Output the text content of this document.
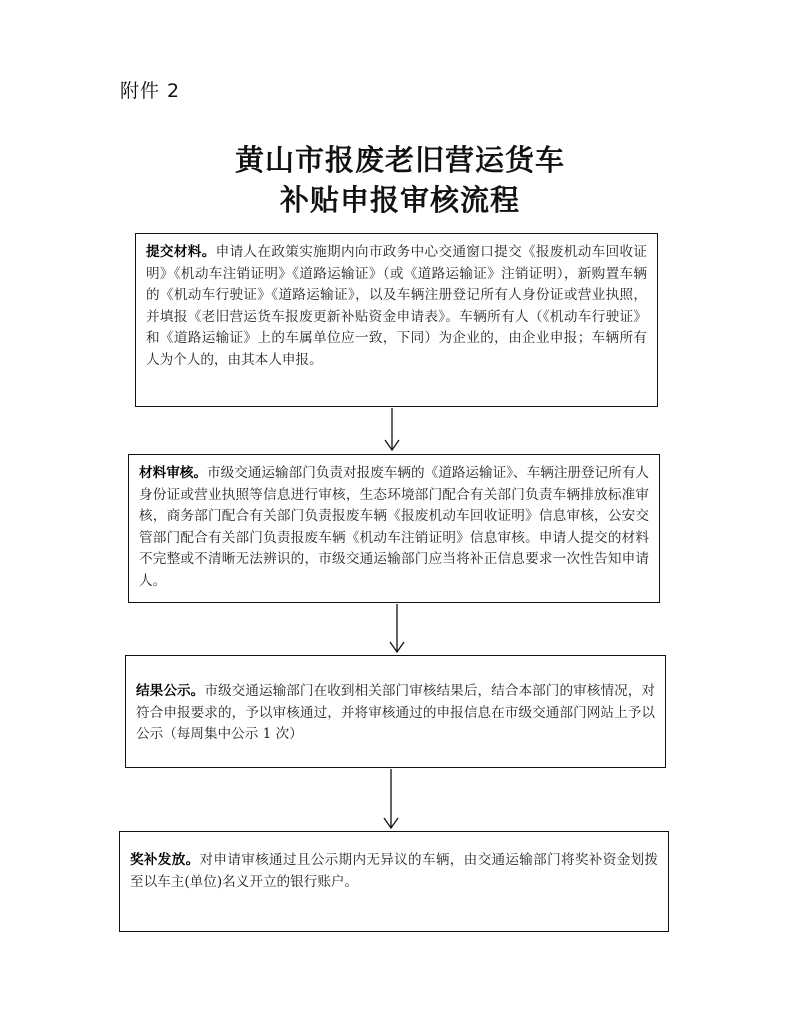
附件 2
黄山市报废老旧营运货车
补贴申报审核流程
提交材料。申请人在政策实施期内向市政务中心交通窗口提交《报废机动车回收证明》《机动车注销证明》《道路运输证》（或《道路运输证》注销证明），新购置车辆的《机动车行驶证》《道路运输证》，以及车辆注册登记所有人身份证或营业执照，并填报《老旧营运货车报废更新补贴资金申请表》。车辆所有人（《机动车行驶证》和《道路运输证》上的车属单位应一致，下同）为企业的，由企业申报；车辆所有人为个人的，由其本人申报。
材料审核。市级交通运输部门负责对报废车辆的《道路运输证》、车辆注册登记所有人身份证或营业执照等信息进行审核，生态环境部门配合有关部门负责车辆排放标准审核，商务部门配合有关部门负责报废车辆《报废机动车回收证明》信息审核，公安交管部门配合有关部门负责报废车辆《机动车注销证明》信息审核。申请人提交的材料不完整或不清晰无法辨识的，市级交通运输部门应当将补正信息要求一次性告知申请人。
结果公示。市级交通运输部门在收到相关部门审核结果后，结合本部门的审核情况，对符合申报要求的，予以审核通过，并将审核通过的申报信息在市级交通部门网站上予以公示（每周集中公示 1 次）
奖补发放。对申请审核通过且公示期内无异议的车辆，由交通运输部门将奖补资金划拨至以车主(单位)名义开立的银行账户。
